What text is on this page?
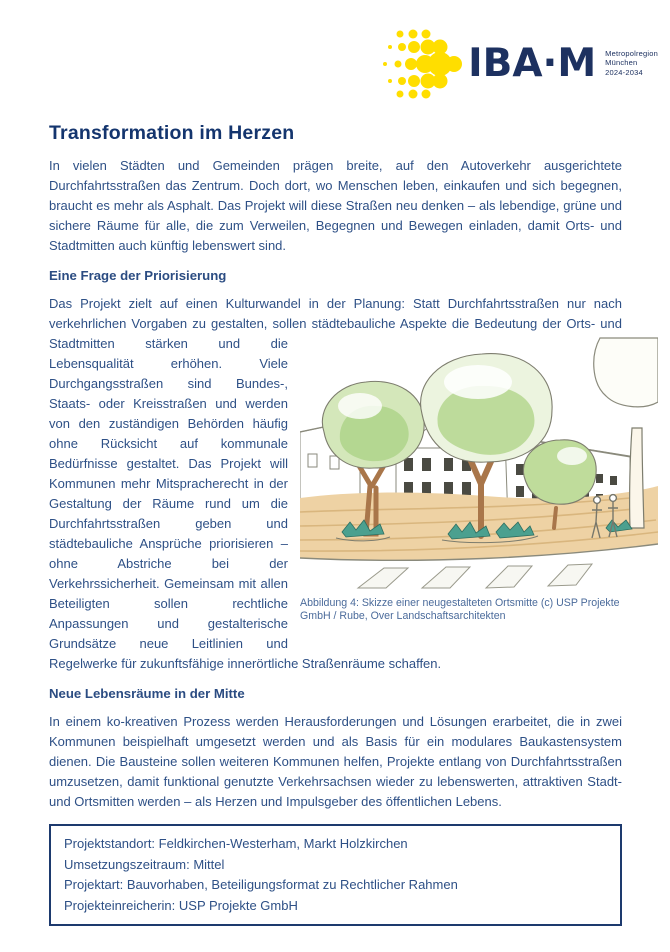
IBA·M Metropolregion
München
2024-2034
Transformation im Herzen

In vielen Städten und Gemeinden prägen breite, auf den Autoverkehr ausgerichtete Durchfahrtsstraßen das Zentrum. Doch dort, wo Menschen leben, einkaufen und sich begegnen, braucht es mehr als Asphalt. Das Projekt will diese Straßen neu denken – als lebendige, grüne und sichere Räume für alle, die zum Verweilen, Begegnen und Bewegen einladen, damit Orts- und Stadtmitten auch künftig lebenswert sind.

Eine Frage der Priorisierung

Das Projekt zielt auf einen Kulturwandel in der Planung: Statt Durchfahrtsstraßen nur nach verkehrlichen Vorgaben zu gestalten, sollen städtebauliche Aspekte die Bedeutung der
Abbildung 4: Skizze einer neugestalteten Ortsmitte (c) USP Projekte GmbH / Rube, Over Landschaftsarchitekten
Orts- und Stadtmitten stärken und die Lebensqualität erhöhen. Viele Durchgangsstraßen sind Bundes-, Staats- oder Kreisstraßen und werden von den zuständigen Behörden häufig ohne Rücksicht auf kommunale Bedürfnisse gestaltet. Das Projekt will Kommunen mehr Mitspracherecht in der Gestaltung der Räume rund um die Durchfahrtsstraßen geben und städtebauliche Ansprüche priorisieren – ohne Abstriche bei der Verkehrssicherheit. Gemeinsam mit allen Beteiligten sollen rechtliche Anpassungen und gestalterische Grundsätze neue Leitlinien und Regelwerke für zukunftsfähige innerörtliche Straßenräume schaffen.

Neue Lebensräume in der Mitte

In einem ko-kreativen Prozess werden Herausforderungen und Lösungen erarbeitet, die in zwei Kommunen beispielhaft umgesetzt werden und als Basis für ein modulares Baukastensystem dienen. Die Bausteine sollen weiteren Kommunen helfen, Projekte entlang von Durchfahrtsstraßen umzusetzen, damit funktional genutzte Verkehrsachsen wieder zu lebenswerten, attraktiven Stadt- und Ortsmitten werden – als Herzen und Impulsgeber des öffentlichen Lebens.

Projektstandort: Feldkirchen-Westerham, Markt Holzkirchen
Umsetzungszeitraum: Mittel
Projektart: Bauvorhaben, Beteiligungsformat zu Rechtlicher Rahmen
Projekteinreicherin: USP Projekte GmbH
